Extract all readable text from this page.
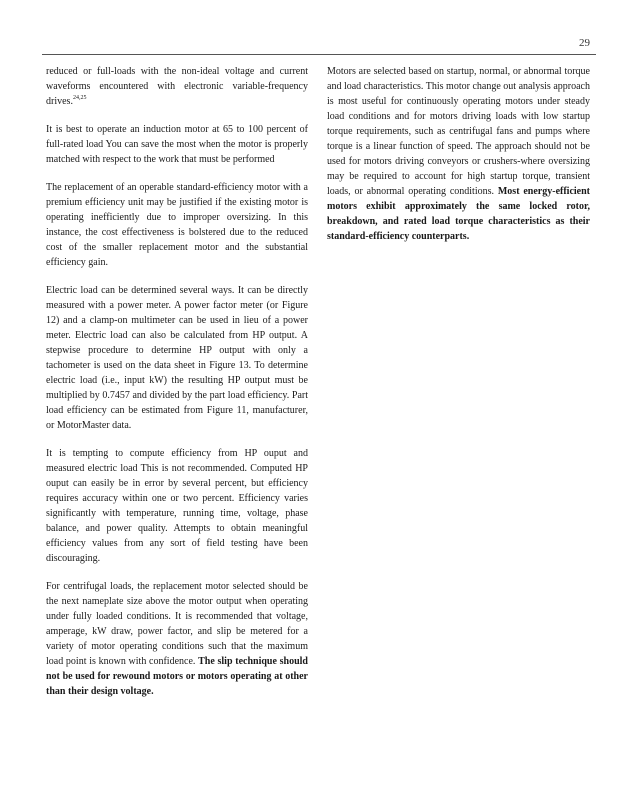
29

reduced or full-loads with the non-ideal voltage and current waveforms encountered with electronic variable-frequency drives.$^{24,25}$

It is best to operate an induction motor at 65 to 100 percent of full-rated load You can save the most when the motor is properly matched with respect to the work that must be performed

The replacement of an operable standard-efficiency motor with a premium efficiency unit may be justified if the existing motor is operating inefficiently due to improper oversizing. In this instance, the cost effectiveness is bolstered due to the reduced cost of the smaller replacement motor and the substantial efficiency gain.

Electric load can be determined several ways. It can be directly measured with a power meter. A power factor meter (or Figure 12) and a clamp-on multimeter can be used in lieu of a power meter. Electric load can also be calculated from HP output. A stepwise procedure to determine HP output with only a tachometer is used on the data sheet in Figure 13. To determine electric load (i.e., input kW) the resulting HP output must be multiplied by 0.7457 and divided by the part load efficiency. Part load efficiency can be estimated from Figure 11, manufacturer, or MotorMaster data.

It is tempting to compute efficiency from HP ouput and measured electric load This is not recommended. Computed HP ouput can easily be in error by several percent, but efficiency requires accuracy within one or two percent. Efficiency varies significantly with temperature, running time, voltage, phase balance, and power quality. Attempts to obtain meaningful efficiency values from any sort of field testing have been discouraging.

For centrifugal loads, the replacement motor selected should be the next nameplate size above the motor output when operating under fully loaded conditions. It is recommended that voltage, amperage, kW draw, power factor, and slip be metered for a variety of motor operating conditions such that the maximum load point is known with confidence. The slip technique should not be used for rewound motors or motors operating at other than their design voltage.

Motors are selected based on startup, normal, or abnormal torque and load characteristics. This motor change out analysis approach is most useful for continuously operating motors under steady load conditions and for motors driving loads with low startup torque requirements, such as centrifugal fans and pumps where torque is a linear function of speed. The approach should not be used for motors driving conveyors or crushers-where oversizing may be required to account for high startup torque, transient loads, or abnormal operating conditions. Most energy-efficient motors exhibit approximately the same locked rotor, breakdown, and rated load torque characteristics as their standard-efficiency counterparts.
